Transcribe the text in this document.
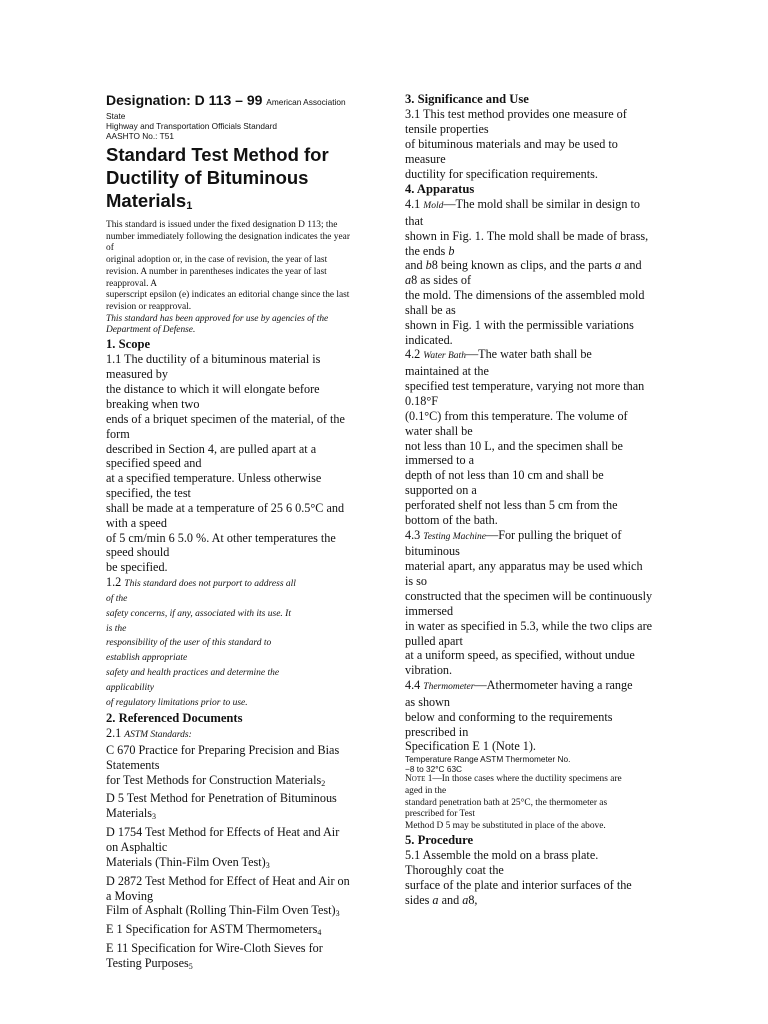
Designation: D 113 – 99 American Association
State
Highway and Transportation Officials Standard
AASHTO No.: T51
Standard Test Method for
Ductility of Bituminous
Materials$_1$
This standard is issued under the fixed designation D 113; the
number immediately following the designation indicates the year
of
original adoption or, in the case of revision, the year of last
revision. A number in parentheses indicates the year of last
reapproval. A
superscript epsilon (e) indicates an editorial change since the last
revision or reapproval.
This standard has been approved for use by agencies of the
Department of Defense.
1. Scope
1.1 The ductility of a bituminous material is
measured by
the distance to which it will elongate before
breaking when two
ends of a briquet specimen of the material, of the
form
described in Section 4, are pulled apart at a
specified speed and
at a specified temperature. Unless otherwise
specified, the test
shall be made at a temperature of 25 6 0.5°C and
with a speed
of 5 cm/min 6 5.0 %. At other temperatures the
speed should
be specified.
1.2 This standard does not purport to address all
of the
safety concerns, if any, associated with its use. It
is the
responsibility of the user of this standard to
establish appropriate
safety and health practices and determine the
applicability
of regulatory limitations prior to use.
2. Referenced Documents
2.1 ASTM Standards:
C 670 Practice for Preparing Precision and Bias
Statements
for Test Methods for Construction Materials$_2$
D 5 Test Method for Penetration of Bituminous
Materials$_3$
D 1754 Test Method for Effects of Heat and Air
on Asphaltic
Materials (Thin-Film Oven $Test)_3$
D 2872 Test Method for Effect of Heat and Air on
a Moving
Film of Asphalt (Rolling Thin-Film Oven $Test)_3$
E 1 Specification for ASTM Thermometers$_4$
E 11 Specification for Wire-Cloth Sieves for
Testing Purposes$_5$
3. Significance and Use
3.1 This test method provides one measure of
tensile properties
of bituminous materials and may be used to
measure
ductility for specification requirements.
4. Apparatus
4.1 Mold—The mold shall be similar in design to
that
shown in Fig. 1. The mold shall be made of brass,
the ends b
and b8 being known as clips, and the parts a and
a8 as sides of
the mold. The dimensions of the assembled mold
shall be as
shown in Fig. 1 with the permissible variations
indicated.
4.2 Water Bath—The water bath shall be
maintained at the
specified test temperature, varying not more than
0.18°F
(0.1°C) from this temperature. The volume of
water shall be
not less than 10 L, and the specimen shall be
immersed to a
depth of not less than 10 cm and shall be
supported on a
perforated shelf not less than 5 cm from the
bottom of the bath.
4.3 Testing Machine—For pulling the briquet of
bituminous
material apart, any apparatus may be used which
is so
constructed that the specimen will be continuously
immersed
in water as specified in 5.3, while the two clips are
pulled apart
at a uniform speed, as specified, without undue
vibration.
4.4 Thermometer—Athermometer having a range
as shown
below and conforming to the requirements
prescribed in
Specification E 1 (Note 1).
Temperature Range ASTM Thermometer No.
−8 to 32°C 63C
Note 1—In those cases where the ductility specimens are
aged in the
standard penetration bath at 25°C, the thermometer as
prescribed for Test
Method D 5 may be substituted in place of the above.
5. Procedure
5.1 Assemble the mold on a brass plate.
Thoroughly coat the
surface of the plate and interior surfaces of the
sides a and a8,
